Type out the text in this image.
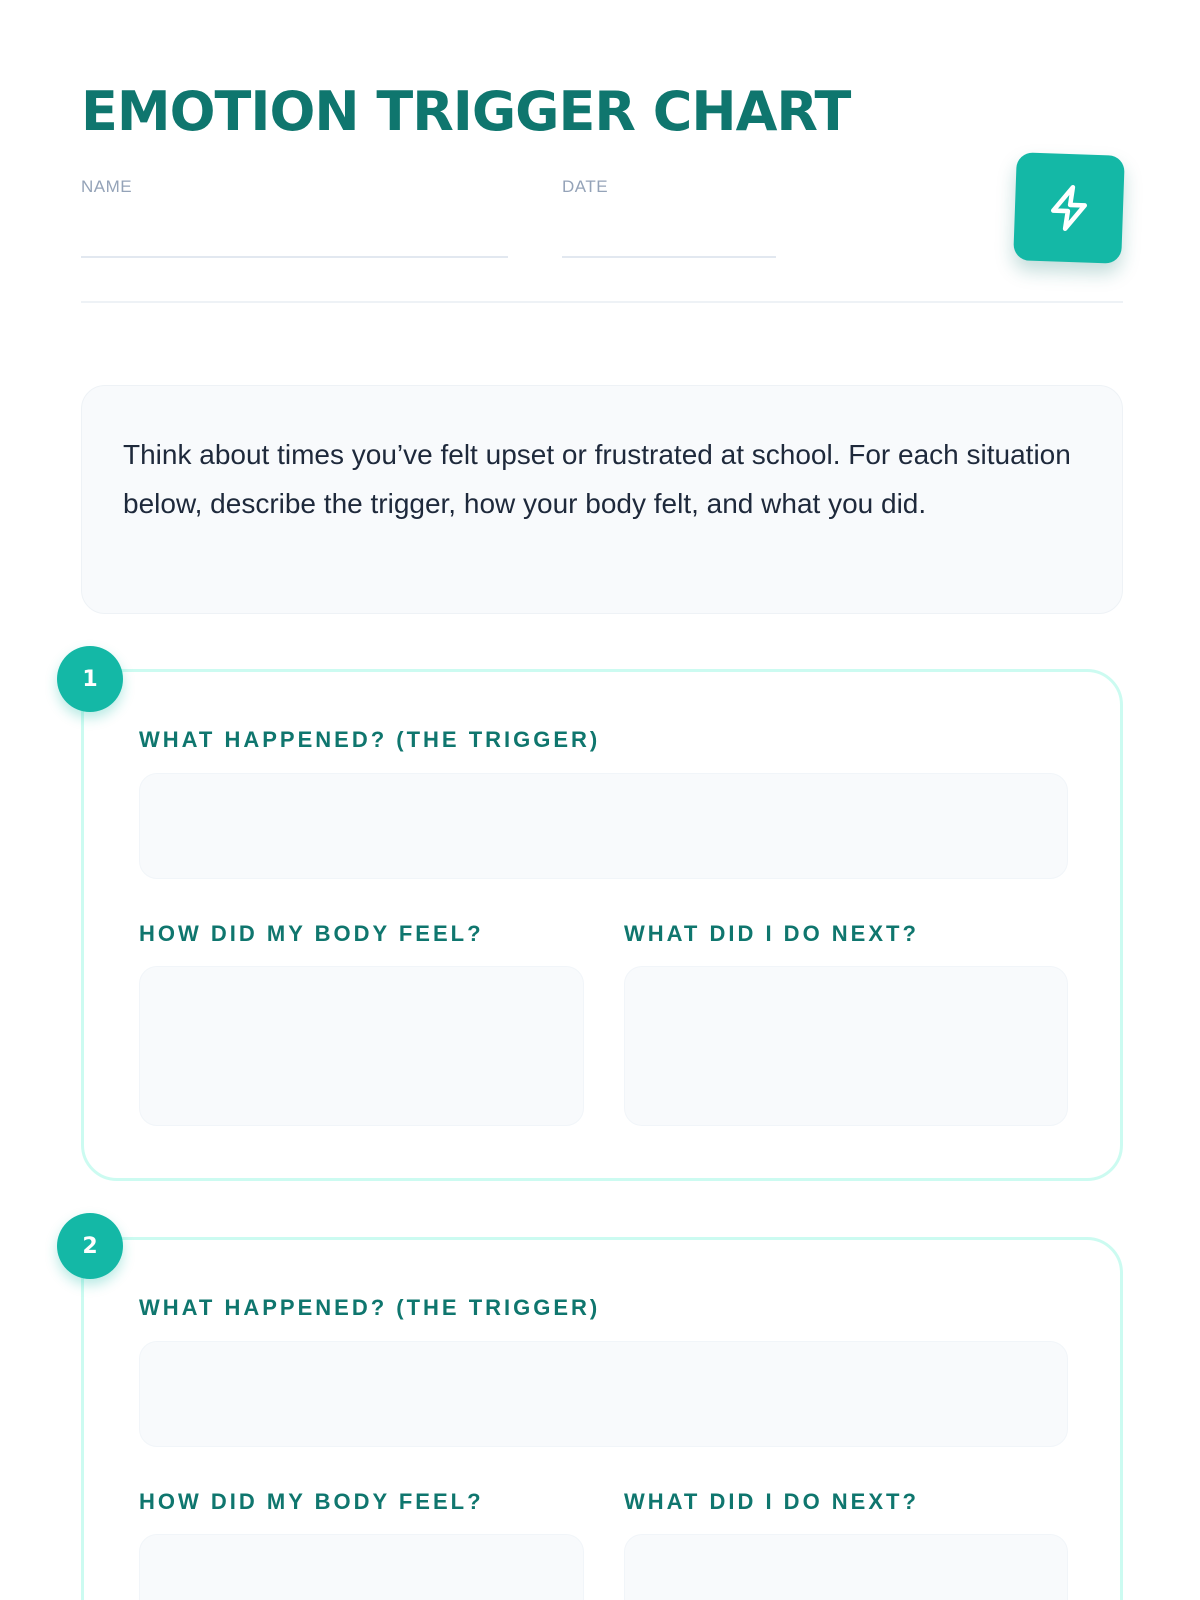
EMOTION TRIGGER CHART
NAME	DATE
Think about times you’ve felt upset or frustrated at school. For each situation below, describe the trigger, how your body felt, and what you did.
WHAT HAPPENED? (THE TRIGGER)
HOW DID MY BODY FEEL?	WHAT DID I DO NEXT?
1
WHAT HAPPENED? (THE TRIGGER)
HOW DID MY BODY FEEL?	WHAT DID I DO NEXT?
2
